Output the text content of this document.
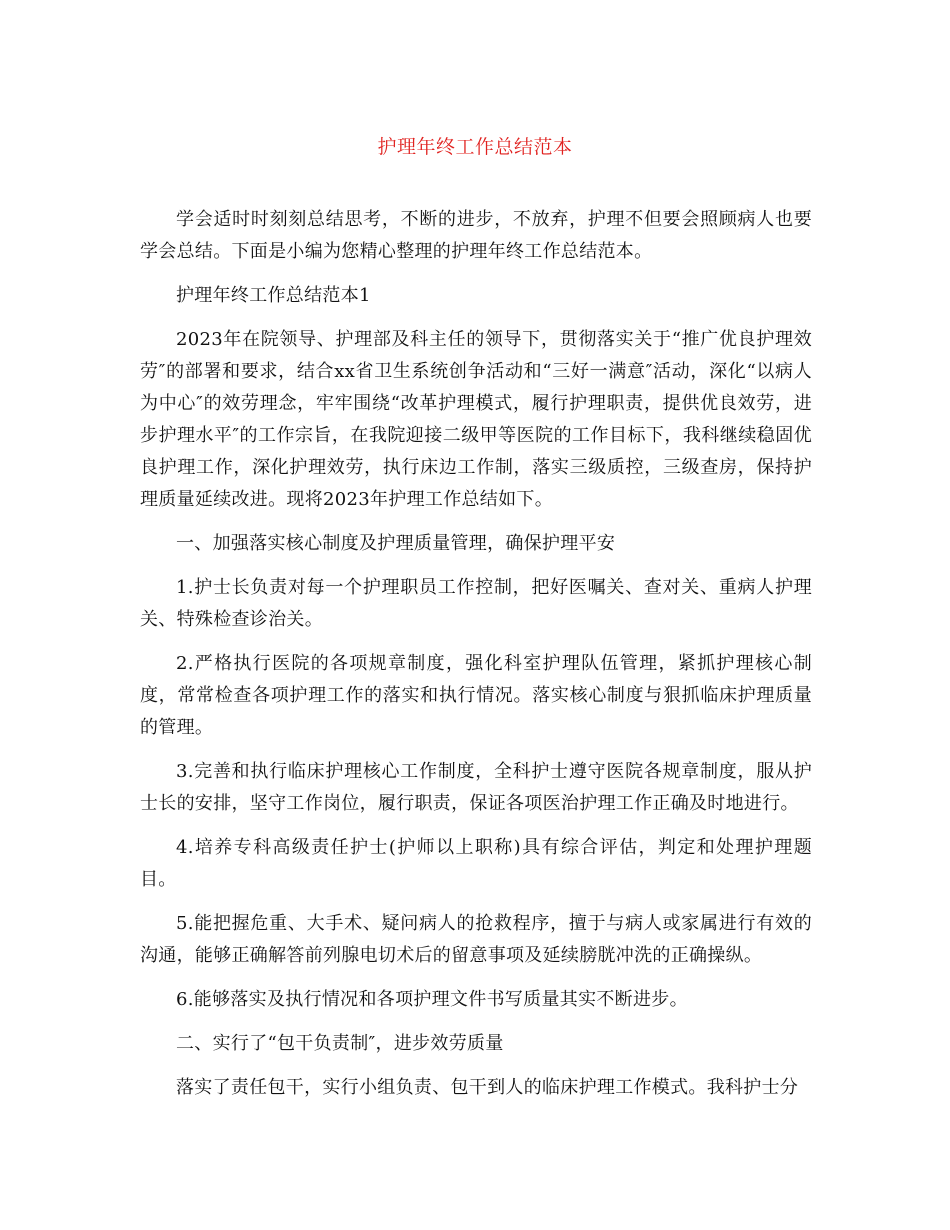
护理年终工作总结范本

学会适时时刻刻总结思考，不断的进步，不放弃，护理不但要会照顾病人也要学会总结。下面是小编为您精心整理的护理年终工作总结范本。

护理年终工作总结范本1

2023年在院领导、护理部及科主任的领导下，贯彻落实关于“推广优良护理效劳″的部署和要求，结合xx省卫生系统创争活动和“三好一满意″活动，深化“以病人为中心″的效劳理念，牢牢围绕“改革护理模式，履行护理职责，提供优良效劳，进步护理水平″的工作宗旨，在我院迎接二级甲等医院的工作目标下，我科继续稳固优良护理工作，深化护理效劳，执行床边工作制，落实三级质控，三级查房，保持护理质量延续改进。现将2023年护理工作总结如下。

一、加强落实核心制度及护理质量管理，确保护理平安

1.护士长负责对每一个护理职员工作控制，把好医嘱关、查对关、重病人护理关、特殊检查诊治关。

2.严格执行医院的各项规章制度，强化科室护理队伍管理，紧抓护理核心制度，常常检查各项护理工作的落实和执行情况。落实核心制度与狠抓临床护理质量的管理。

3.完善和执行临床护理核心工作制度，全科护士遵守医院各规章制度，服从护士长的安排，坚守工作岗位，履行职责，保证各项医治护理工作正确及时地进行。

4.培养专科高级责任护士(护师以上职称)具有综合评估，判定和处理护理题目。

5.能把握危重、大手术、疑问病人的抢救程序，擅于与病人或家属进行有效的沟通，能够正确解答前列腺电切术后的留意事项及延续膀胱冲洗的正确操纵。

6.能够落实及执行情况和各项护理文件书写质量其实不断进步。

二、实行了“包干负责制″，进步效劳质量

落实了责任包干，实行小组负责、包干到人的临床护理工作模式。我科护士分
